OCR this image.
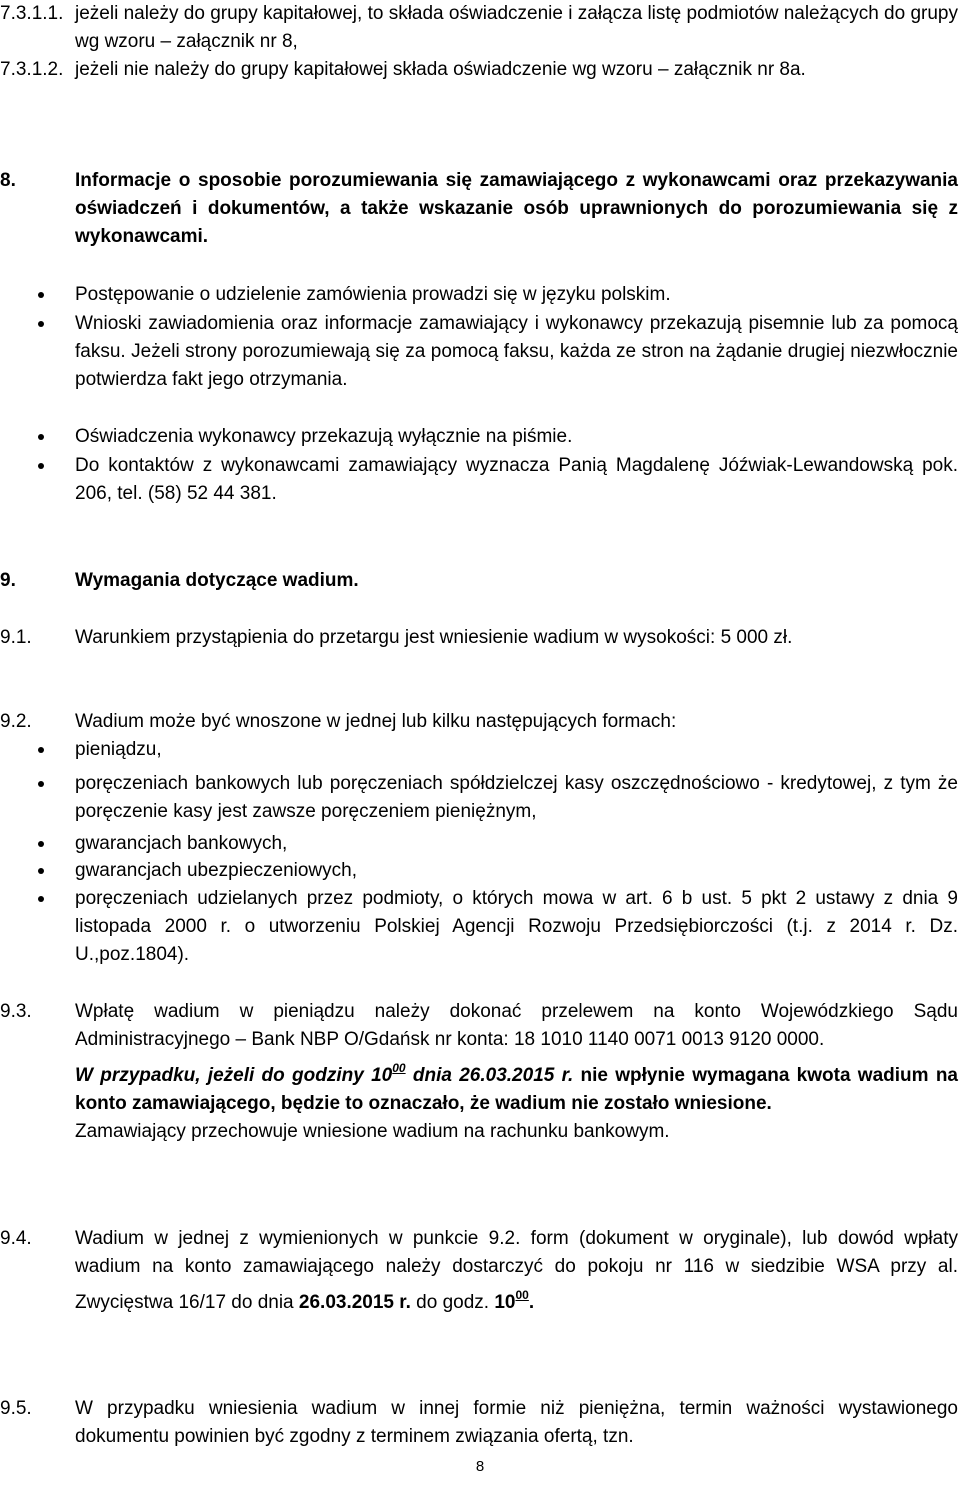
7.3.1.1. jeżeli należy do grupy kapitałowej, to składa oświadczenie i załącza listę podmiotów należących do grupy wg wzoru – załącznik nr 8,
7.3.1.2. jeżeli nie należy do grupy kapitałowej składa oświadczenie wg wzoru – załącznik nr 8a.
8.	Informacje o sposobie porozumiewania się zamawiającego z wykonawcami oraz przekazywania oświadczeń i dokumentów, a także wskazanie osób uprawnionych do porozumiewania się z wykonawcami.
Postępowanie o udzielenie zamówienia prowadzi się w języku polskim.
Wnioski zawiadomienia oraz informacje zamawiający i wykonawcy przekazują pisemnie lub za pomocą faksu. Jeżeli strony porozumiewają się za pomocą faksu, każda ze stron na żądanie drugiej niezwłocznie potwierdza fakt jego otrzymania.
Oświadczenia wykonawcy przekazują wyłącznie na piśmie.
Do kontaktów z wykonawcami zamawiający wyznacza Panią Magdalenę Jóźwiak-Lewandowską pok. 206, tel. (58) 52 44 381.
9.	Wymagania dotyczące wadium.
9.1. Warunkiem przystąpienia do przetargu jest wniesienie wadium w wysokości: 5 000 zł.
9.2. Wadium może być wnoszone w jednej lub kilku następujących formach:
pieniądzu,
poręczeniach bankowych lub poręczeniach spółdzielczej kasy oszczędnościowo - kredytowej, z tym że poręczenie kasy jest zawsze poręczeniem pieniężnym,
gwarancjach bankowych,
gwarancjach ubezpieczeniowych,
poręczeniach udzielanych przez podmioty, o których mowa w art. 6 b ust. 5 pkt 2 ustawy z dnia 9 listopada 2000 r. o utworzeniu Polskiej Agencji Rozwoju Przedsiębiorczości (t.j. z 2014 r. Dz. U.,poz.1804).
9.3. Wpłatę wadium w pieniądzu należy dokonać przelewem na konto Wojewódzkiego Sądu Administracyjnego – Bank NBP O/Gdańsk nr konta: 18 1010 1140 0071 0013 9120 0000.
W przypadku, jeżeli do godziny $10^{00}$ dnia 26.03.2015 r. nie wpłynie wymagana kwota wadium na konto zamawiającego, będzie to oznaczało, że wadium nie zostało wniesione.
Zamawiający przechowuje wniesione wadium na rachunku bankowym.
9.4. Wadium w jednej z wymienionych w punkcie 9.2. form (dokument w oryginale), lub dowód wpłaty wadium na konto zamawiającego należy dostarczyć do pokoju nr 116 w siedzibie WSA przy al. Zwycięstwa 16/17 do dnia 26.03.2015 r. do godz. $10^{00}$.
9.5. W przypadku wniesienia wadium w innej formie niż pieniężna, termin ważności wystawionego dokumentu powinien być zgodny z terminem związania ofertą, tzn.
8
